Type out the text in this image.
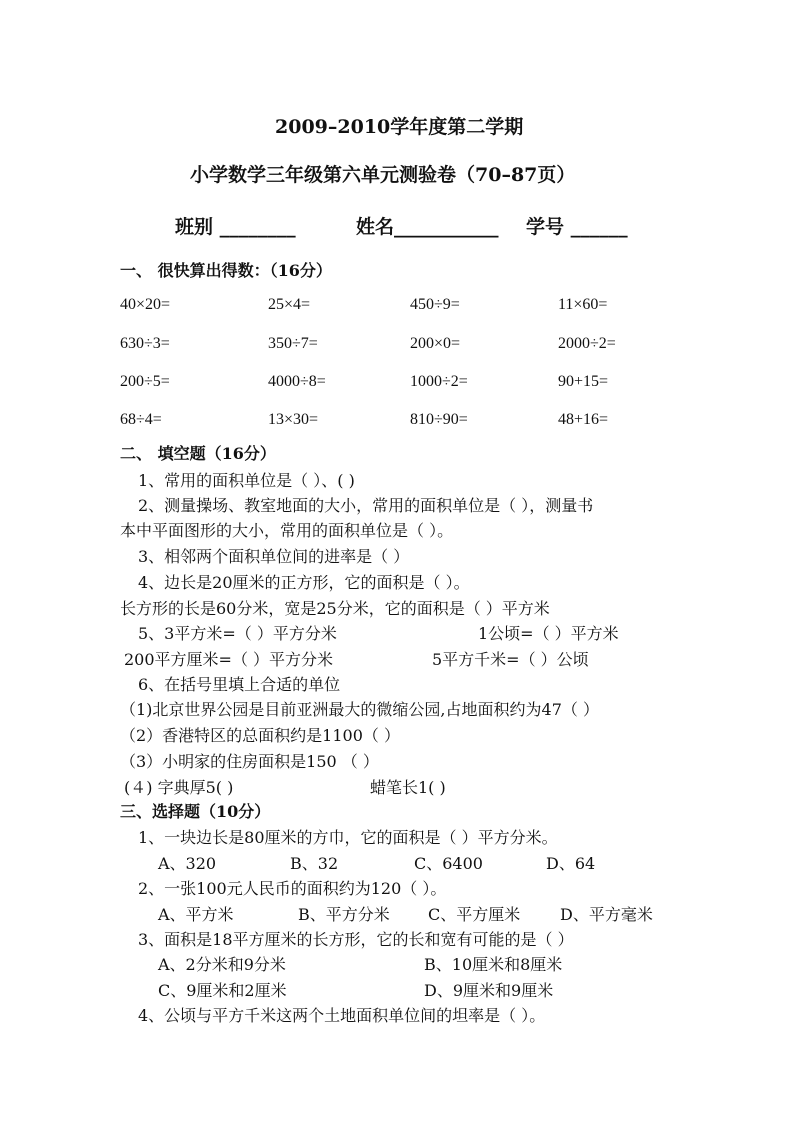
2009–2010学年度第二学期
小学数学三年级第六单元测验卷（70–87页）
班别 ________	姓名___________ 学号 ______
一、 很快算出得数：（16分）
40×20=	25×4=	450÷9=	11×60=
630÷3=	350÷7=	200×0=	2000÷2=
200÷5=	4000÷8=	1000÷2=	90+15=
68÷4=	13×30=	810÷90=	48+16=
二、 填空题（16分）
1、常用的面积单位是（ ）、( )
2、测量操场、教室地面的大小，常用的面积单位是（ ），测量书
本中平面图形的大小，常用的面积单位是（ ）。
3、相邻两个面积单位间的进率是（ ）
4、边长是20厘米的正方形，它的面积是（ ）。
长方形的长是60分米，宽是25分米，它的面积是（ ）平方米
5、3平方米=（ ）平方分米	1公顷=（ ）平方米
200平方厘米=（ ）平方分米	5平方千米=（ ）公顷
6、在括号里填上合适的单位
（1)北京世界公园是目前亚洲最大的微缩公园,占地面积约为47（ ）
（2）香港特区的总面积约是1100（ ）
（3）小明家的住房面积是150 （ ）
(４) 字典厚5( )	蜡笔长1( )
三、选择题（10分）
1、一块边长是80厘米的方巾，它的面积是（ ）平方分米。
A、320	B、32	C、6400	D、64
2、一张100元人民币的面积约为120（ ）。
A、平方米	B、平方分米 C、平方厘米 D、平方毫米
3、面积是18平方厘米的长方形，它的长和宽有可能的是（ ）
A、2分米和9分米	B、10厘米和8厘米
C、9厘米和2厘米	D、9厘米和9厘米
4、公顷与平方千米这两个土地面积单位间的坦率是（ ）。
